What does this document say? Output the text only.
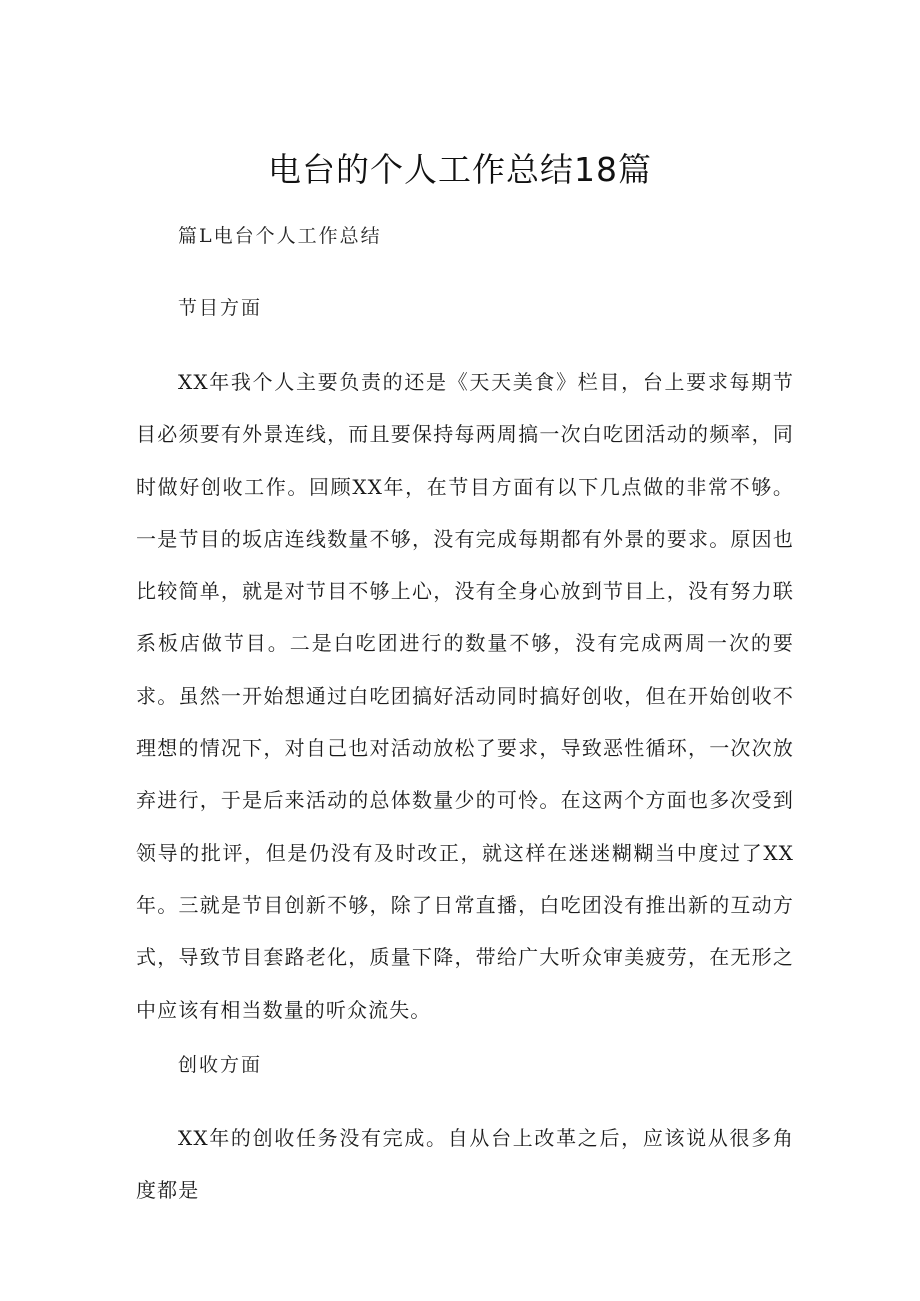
电台的个人工作总结18篇

篇L电台个人工作总结

节目方面

XX年我个人主要负责的还是《天天美食》栏目，台上要求每期节目必须要有外景连线，而且要保持每两周搞一次白吃团活动的频率，同时做好创收工作。回顾XX年，在节目方面有以下几点做的非常不够。一是节目的坂店连线数量不够，没有完成每期都有外景的要求。原因也比较简单，就是对节目不够上心，没有全身心放到节目上，没有努力联系板店做节目。二是白吃团进行的数量不够，没有完成两周一次的要求。虽然一开始想通过白吃团搞好活动同时搞好创收，但在开始创收不理想的情况下，对自己也对活动放松了要求，导致恶性循环，一次次放弃进行，于是后来活动的总体数量少的可怜。在这两个方面也多次受到领导的批评，但是仍没有及时改正，就这样在迷迷糊糊当中度过了XX年。三就是节目创新不够，除了日常直播，白吃团没有推出新的互动方式，导致节目套路老化，质量下降，带给广大听众审美疲劳，在无形之中应该有相当数量的听众流失。

创收方面

XX年的创收任务没有完成。自从台上改革之后，应该说从很多角度都是
